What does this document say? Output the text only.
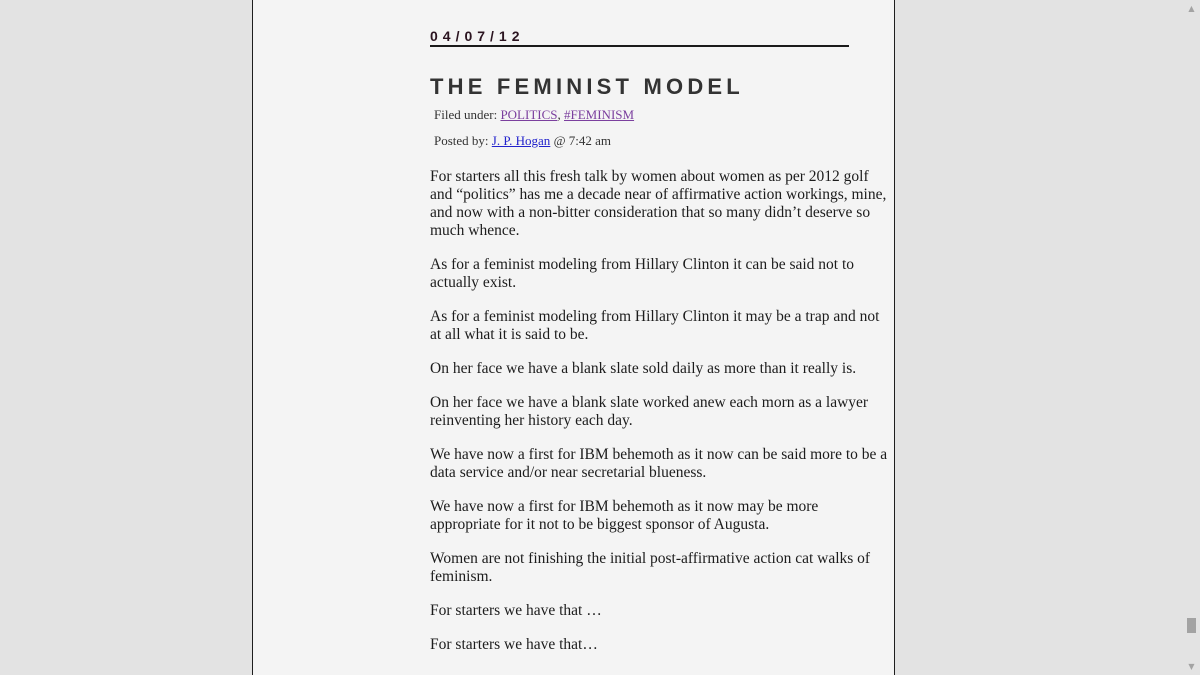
04/07/12
THE FEMINIST MODEL
Filed under: POLITICS, #FEMINISM
Posted by: J. P. Hogan @ 7:42 am

For starters all this fresh talk by women about women as per 2012 golf and “politics” has me a decade near of affirmative action workings, mine, and now with a non-bitter consideration that so many didn’t deserve so much whence.

As for a feminist modeling from Hillary Clinton it can be said not to actually exist.

As for a feminist modeling from Hillary Clinton it may be a trap and not at all what it is said to be.

On her face we have a blank slate sold daily as more than it really is.

On her face we have a blank slate worked anew each morn as a lawyer reinventing her history each day.

We have now a first for IBM behemoth as it now can be said more to be a data service and/or near secretarial blueness.

We have now a first for IBM behemoth as it now may be more appropriate for it not to be biggest sponsor of Augusta.

Women are not finishing the initial post-affirmative action cat walks of feminism.

For starters we have that …

For starters we have that…

▲
▼
